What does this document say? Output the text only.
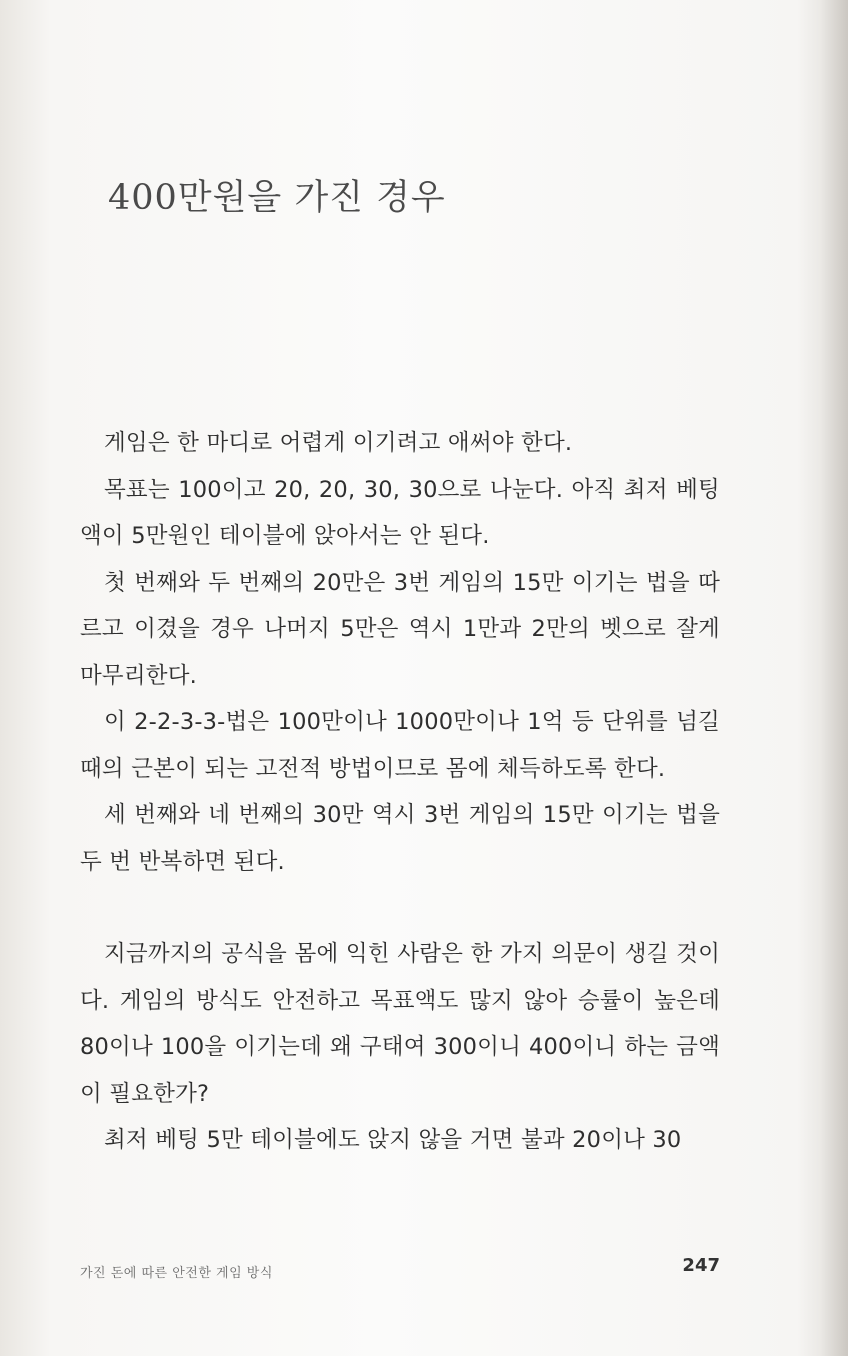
400만원을 가진 경우

게임은 한 마디로 어렵게 이기려고 애써야 한다.

목표는 100이고 20, 20, 30, 30으로 나눈다. 아직 최저 베팅액이 5만원인 테이블에 앉아서는 안 된다.

첫 번째와 두 번째의 20만은 3번 게임의 15만 이기는 법을 따르고 이겼을 경우 나머지 5만은 역시 1만과 2만의 벳으로 잘게 마무리한다.

이 2-2-3-3-법은 100만이나 1000만이나 1억 등 단위를 넘길 때의 근본이 되는 고전적 방법이므로 몸에 체득하도록 한다.

세 번째와 네 번째의 30만 역시 3번 게임의 15만 이기는 법을 두 번 반복하면 된다.

지금까지의 공식을 몸에 익힌 사람은 한 가지 의문이 생길 것이다. 게임의 방식도 안전하고 목표액도 많지 않아 승률이 높은데 80이나 100을 이기는데 왜 구태여 300이니 400이니 하는 금액이 필요한가?

최저 베팅 5만 테이블에도 앉지 않을 거면 불과 20이나 30

가진 돈에 따른 안전한 게임 방식	247
